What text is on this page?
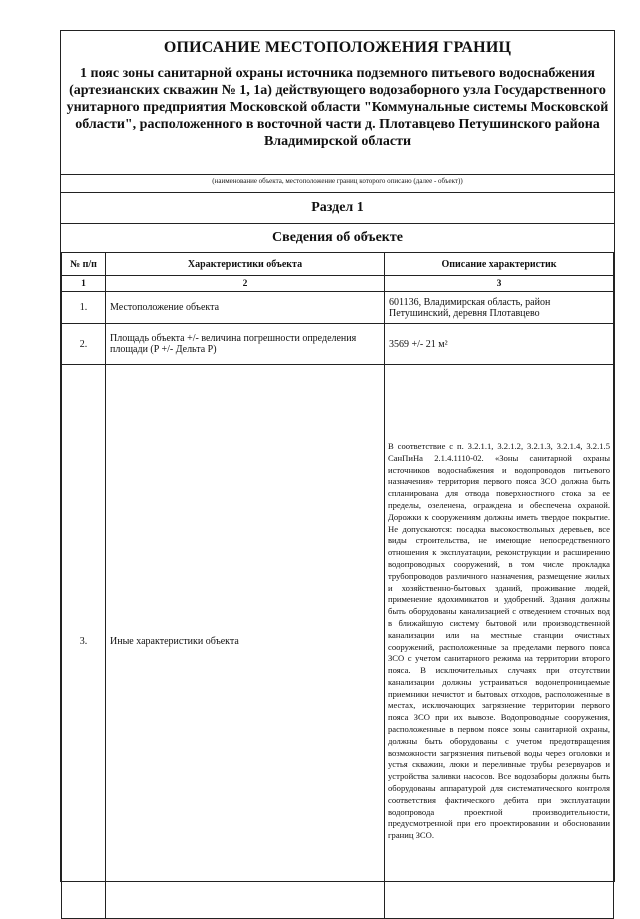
ОПИСАНИЕ МЕСТОПОЛОЖЕНИЯ ГРАНИЦ
1 пояс зоны санитарной охраны источника подземного питьевого водоснабжения (артезианских скважин № 1, 1а) действующего водозаборного узла Государственного унитарного предприятия Московской области "Коммунальные системы Московской области", расположенного в восточной части д. Плотавцево Петушинского района Владимирской области
(наименование объекта, местоположение границ которого описано (далее - объект))
Раздел 1
Сведения об объекте
№ п/п	Характеристики объекта	Описание характеристик
1	2	3
1.	Местоположение объекта	601136, Владимирская область, район Петушинский, деревня Плотавцево
2.	Площадь объекта +/- величина погрешности определения площади (P +/- Дельта P)	3569 +/- 21 м²
3.	Иные характеристики объекта	В соответствие с п. 3.2.1.1, 3.2.1.2, 3.2.1.3, 3.2.1.4, 3.2.1.5 СанПиНа 2.1.4.1110-02. «Зоны санитарной охраны источников водоснабжения и водопроводов питьевого назначения» территория первого пояса ЗСО должна быть спланирована для отвода поверхностного стока за ее пределы, озеленена, ограждена и обеспечена охраной. Дорожки к сооружениям должны иметь твердое покрытие. Не допускаются: посадка высокоствольных деревьев, все виды строительства, не имеющие непосредственного отношения к эксплуатации, реконструкции и расширению водопроводных сооружений, в том числе прокладка трубопроводов различного назначения, размещение жилых и хозяйственно-бытовых зданий, проживание людей, применение ядохимикатов и удобрений. Здания должны быть оборудованы канализацией с отведением сточных вод в ближайшую систему бытовой или производственной канализации или на местные станции очистных сооружений, расположенные за пределами первого пояса ЗСО с учетом санитарного режима на территории второго пояса. В исключительных случаях при отсутствии канализации должны устраиваться водонепроницаемые приемники нечистот и бытовых отходов, расположенные в местах, исключающих загрязнение территории первого пояса ЗСО при их вывозе. Водопроводные сооружения, расположенные в первом поясе зоны санитарной охраны, должны быть оборудованы с учетом предотвращения возможности загрязнения питьевой воды через оголовки и устья скважин, люки и переливные трубы резервуаров и устройства заливки насосов. Все водозаборы должны быть оборудованы аппаратурой для систематического контроля соответствия фактического дебита при эксплуатации водопровода проектной производительности, предусмотренной при его проектировании и обосновании границ ЗСО.
